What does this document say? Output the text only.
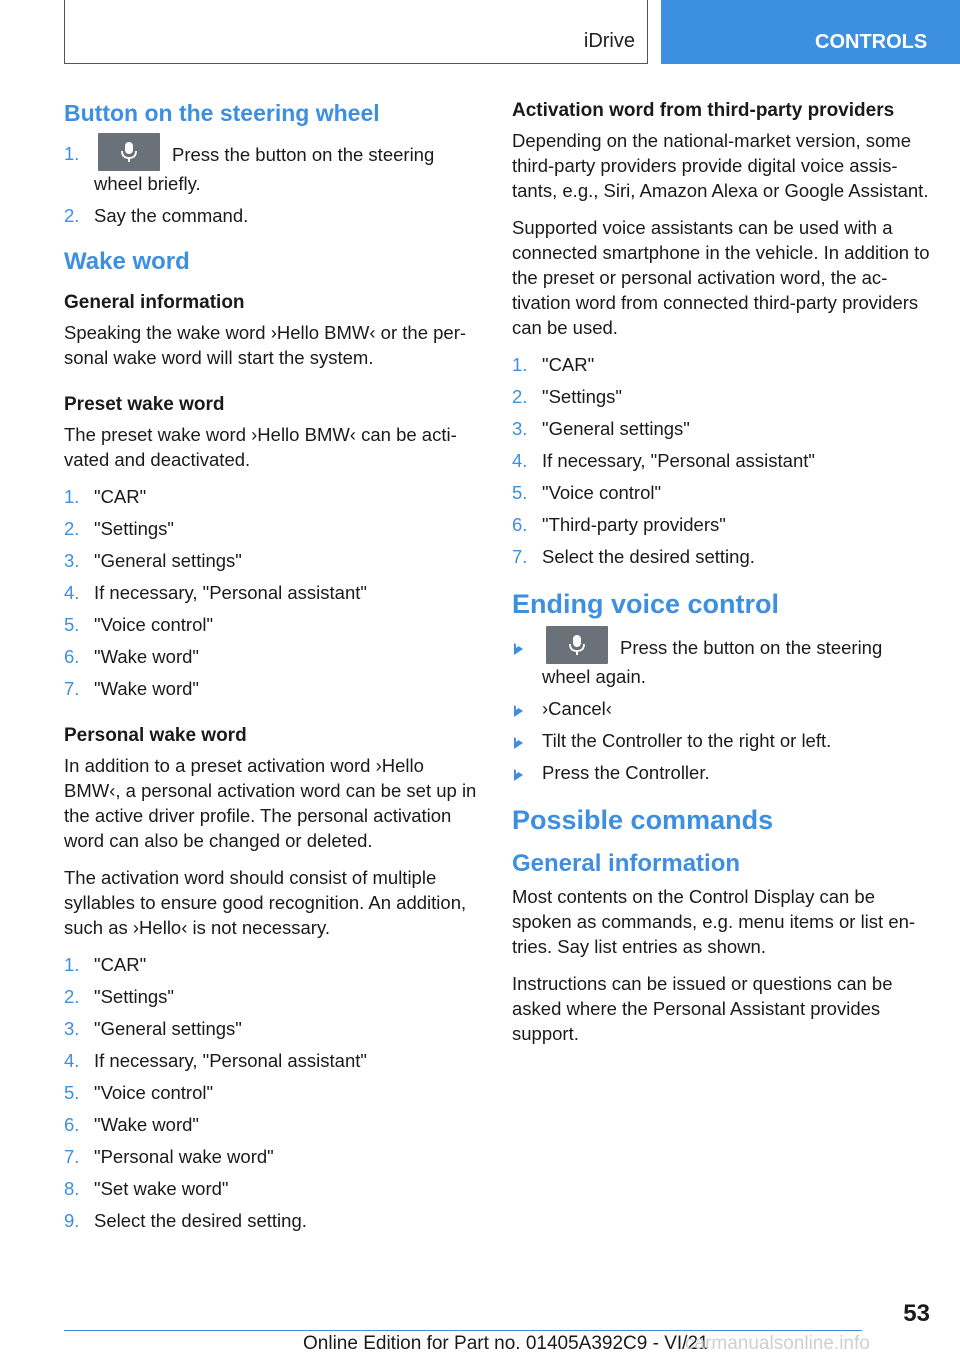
iDrive	CONTROLS
Button on the steering wheel
1.	Press the button on the steering wheel briefly.
2. Say the command.
Wake word
General information

Speaking the wake word ›Hello BMW‹ or the personal wake word will start the system.

Preset wake word

The preset wake word ›Hello BMW‹ can be activated and deactivated.

1. "CAR"
2. "Settings"
3. "General settings"
4. If necessary, "Personal assistant"
5. "Voice control"
6. "Wake word"
7. "Wake word"
Personal wake word

In addition to a preset activation word ›Hello BMW‹, a personal activation word can be set up in the active driver profile. The personal activation word can also be changed or deleted.

The activation word should consist of multiple syllables to ensure good recognition. An addition, such as ›Hello‹ is not necessary.

1. "CAR"
2. "Settings"
3. "General settings"
4. If necessary, "Personal assistant"
5. "Voice control"
6. "Wake word"
7. "Personal wake word"
8. "Set wake word"
9. Select the desired setting.
Activation word from third-party providers

Depending on the national-market version, some third-party providers provide digital voice assistants, e.g., Siri, Amazon Alexa or Google Assistant.

Supported voice assistants can be used with a connected smartphone in the vehicle. In addition to the preset or personal activation word, the activation word from connected third-party providers can be used.

1. "CAR"
2. "Settings"
3. "General settings"
4. If necessary, "Personal assistant"
5. "Voice control"
6. "Third-party providers"
7. Select the desired setting.
Ending voice control
Press the button on the steering wheel again.
›Cancel‹
Tilt the Controller to the right or left.
Press the Controller.
Possible commands
General information

Most contents on the Control Display can be spoken as commands, e.g. menu items or list entries. Say list entries as shown.

Instructions can be issued or questions can be asked where the Personal Assistant provides support.

53
Online Edition for Part no. 01405A392C9 - VI/21
carmanualsonline.info
